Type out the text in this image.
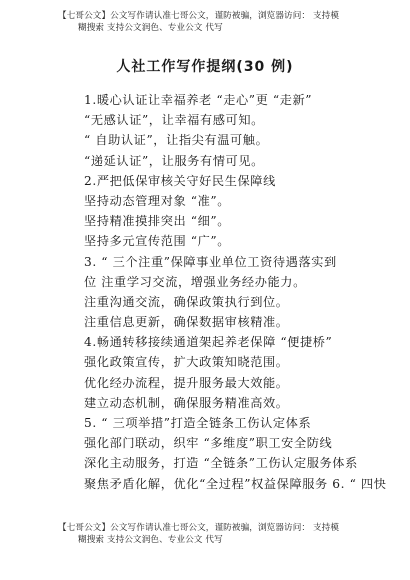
【七哥公文】公文写作请认准七哥公文，谨防被骗，浏览器访问： 支持模
糊搜索 支持公文润色、专业公文 代写
人社工作写作提纲(30 例)
1.暖心认证让幸福养老 “走心”更 “走新”
“无感认证”，让幸福有感可知。
“ 自助认证”，让指尖有温可触。
“递延认证”，让服务有情可见。
2.严把低保审核关守好民生保障线
坚持动态管理对象 “准”。
坚持精准摸排突出 “细”。
坚持多元宣传范围 “广”。
3. “ 三个注重”保障事业单位工资待遇落实到
位 注重学习交流，增强业务经办能力。
注重沟通交流，确保政策执行到位。
注重信息更新，确保数据审核精准。
4.畅通转移接续通道架起养老保障 “便捷桥”
强化政策宣传，扩大政策知晓范围。
优化经办流程，提升服务最大效能。
建立动态机制，确保服务精准高效。
5. “ 三项举措”打造全链条工伤认定体系
强化部门联动，织牢 “多维度”职工安全防线
深化主动服务，打造 “全链条”工伤认定服务体系
聚焦矛盾化解，优化“全过程”权益保障服务 6. “ 四快
【七哥公文】公文写作请认准七哥公文，谨防被骗，浏览器访问： 支持模
糊搜索 支持公文润色、专业公文 代写
